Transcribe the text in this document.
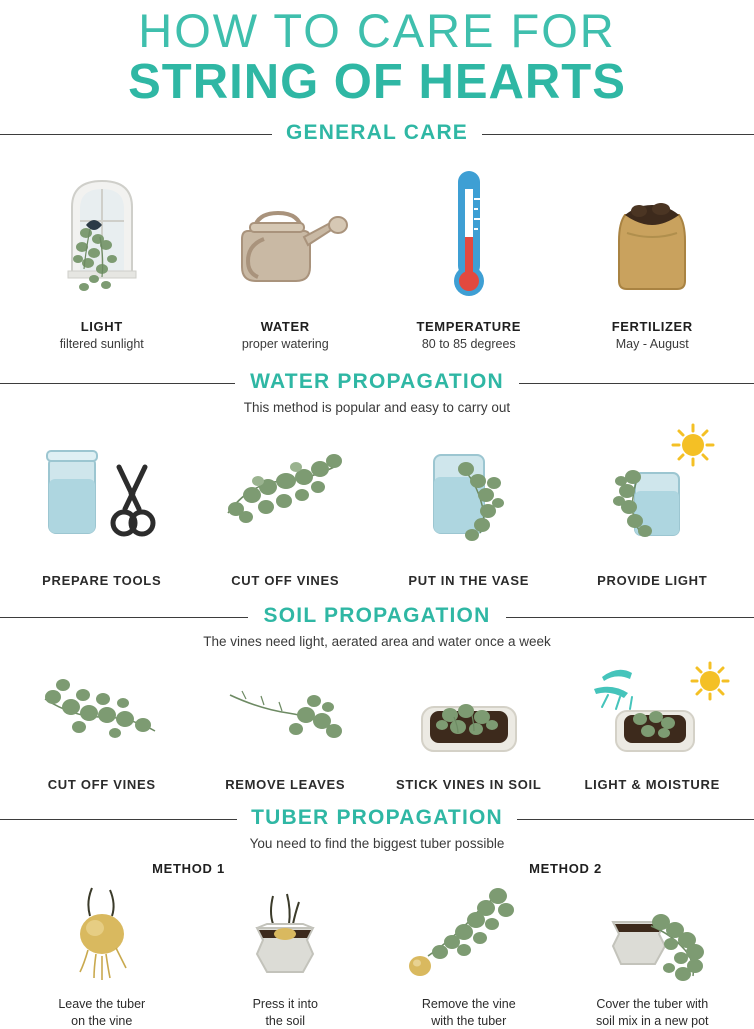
HOW TO CARE FOR
STRING OF HEARTS
GENERAL CARE
LIGHT
filtered sunlight
WATER
proper watering
TEMPERATURE
80 to 85 degrees
FERTILIZER
May - August
WATER PROPAGATION
This method is popular and easy to carry out
PREPARE TOOLS	CUT OFF VINES	PUT IN THE VASE	PROVIDE LIGHT
SOIL PROPAGATION
The vines need light, aerated area and water once a week
CUT OFF VINES	REMOVE LEAVES	STICK VINES IN SOIL	LIGHT & MOISTURE
TUBER PROPAGATION
You need to find the biggest tuber possible
METHOD 1	METHOD 2
Leave the tuber
on the vine
Press it into
the soil
Remove the vine
with the tuber
Cover the tuber with
soil mix in a new pot
